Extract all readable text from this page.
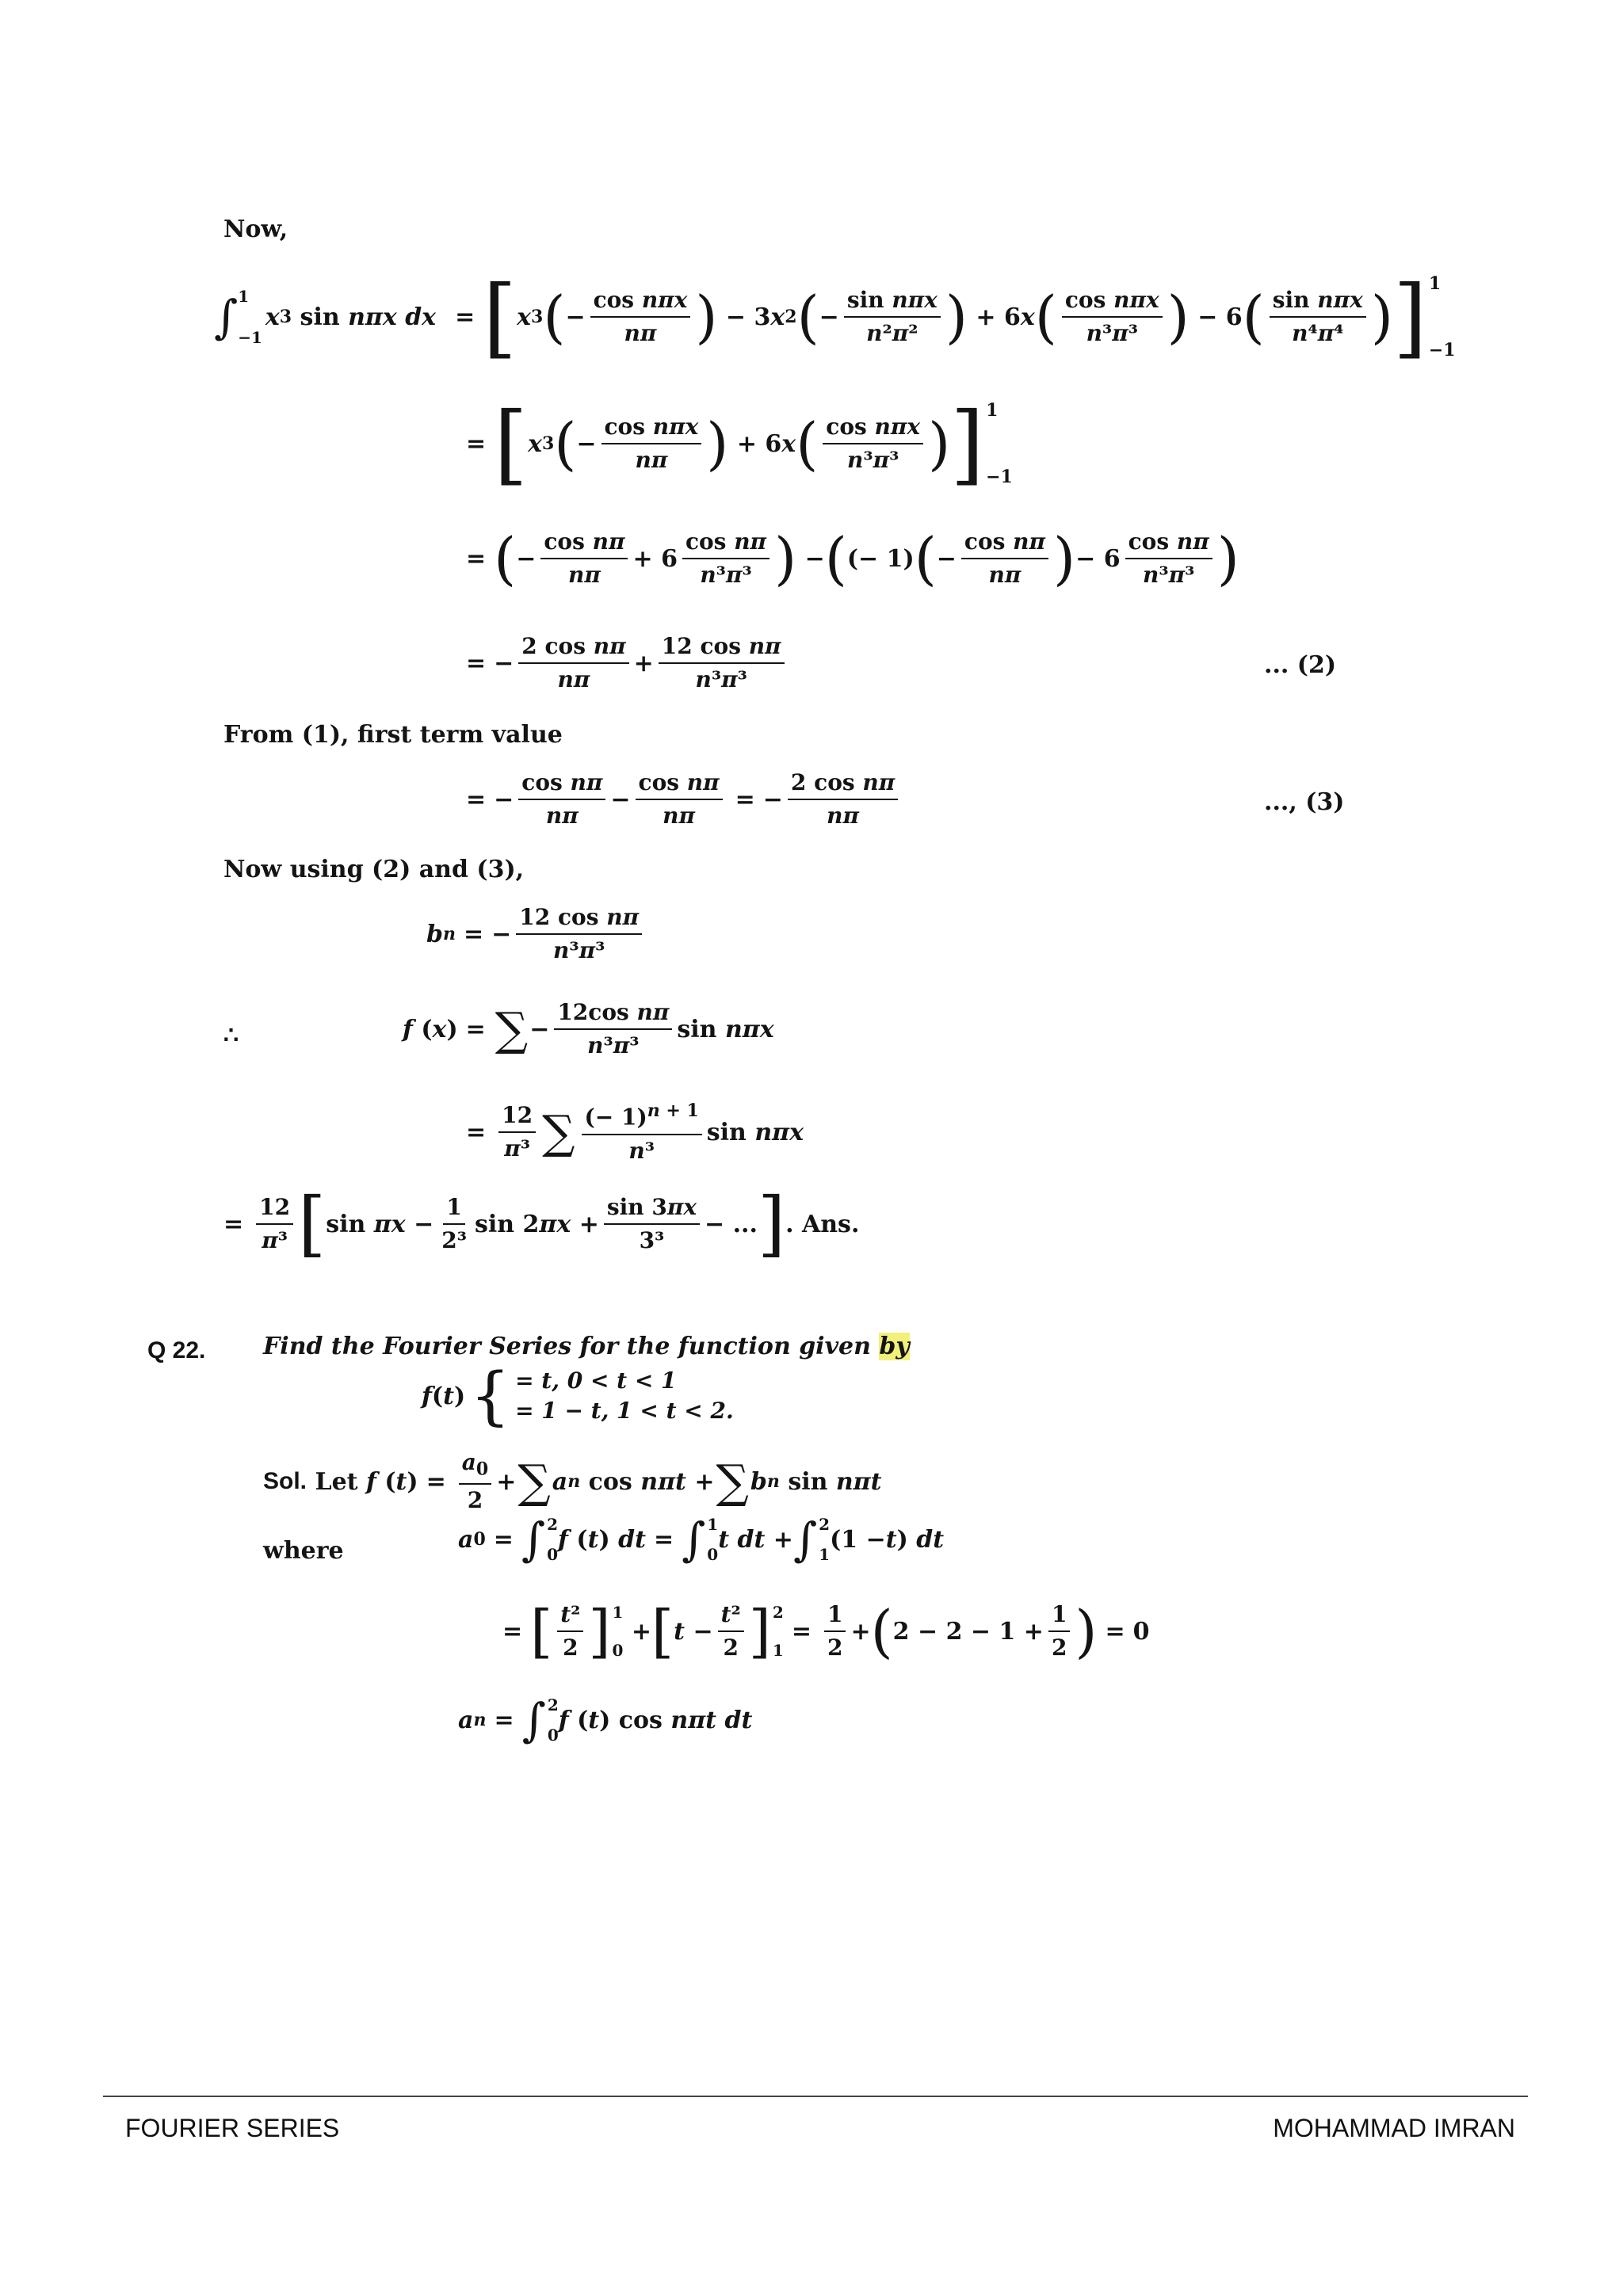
Now,
∫ 1
−1
x 3 sin nπx dx = [ x 3 ( − $\frac{\text{cos nπx}}{n\pi}$ ) − 3 x 2 ( − $\frac{\text{sin nπx}}{\text{n²π²}}$ ) + 6 x ( $\frac{\text{cos nπx}}{\text{n³π³}}$ ) − 6 ( $\frac{\text{sin nπx}}{\text{n⁴π⁴}}$ ) ] 1
−1
= [ x 3 ( − $\frac{\text{cos nπx}}{n\pi}$ ) + 6 x ( $\frac{\text{cos nπx}}{\text{n³π³}}$ ) ] 1
−1
= ( − $\frac{\text{cos nπ}}{n\pi} + 6 \frac{\text{cos nπ}}{\text{n³π³}}$ ) − ( (− 1) ( − $\frac{\text{cos nπ}}{n\pi}$ ) − $6 \frac{\text{cos nπ}}{\text{n³π³}}$ )
= − $\frac{\text{2 cos nπ}}{n\pi} + \frac{\text{12 cos nπ}}{\text{n³π³}}$	... (2)
From (1), first term value
= − $\frac{\text{cos nπ}}{n\pi} - \frac{\text{cos nπ}}{n\pi}$ = − $\frac{\text{2 cos nπ}}{n\pi}$	..., (3)
Now using (2) and (3),
b n = − $\frac{\text{12 cos nπ}}{\text{n³π³}}$
∴	f ( x ) = ∑ − $\frac{\text{12cos nπ}}{\text{n³π³}}$ sin nπx
= $\frac{12}{\text{π³}}$ ∑ $\frac{(- 1)^{n + 1}}{\text{n³}}$ sin nπx
= $\frac{12}{\text{π³}}$ [ $\sin \pi x - \frac{1}{\text{2³}}$ sin 2 $\pi x + \frac{\sin 3\pi x}{\text{3³}}$ − ... ] . Ans.
Q 22. Find the Fourier Series for the function given by
f ( t ) { = t, 0 < t < 1
= 1 − t, 1 < t < 2.
Sol.
Let
f ( t ) = $\frac{a_0}{2}$ + ∑ a n cos nπt + ∑ b n sin nπt
where	a 0 = ∫ 2
0
f ( t ) dt = ∫ 1
0
t dt + ∫ 2
1
(1 − t ) dt
= [ $\frac{\text{t²}}{2}$ ] 1
0
+ [ $t - \frac{\text{t²}}{2}$ ] 2
1
= $\frac{1}{2}$ + ( $2 - 2 - 1 + \frac{1}{2}$ ) = 0
a n = ∫ 2
0
f ( t ) cos nπt dt
FOURIER SERIES	MOHAMMAD IMRAN
